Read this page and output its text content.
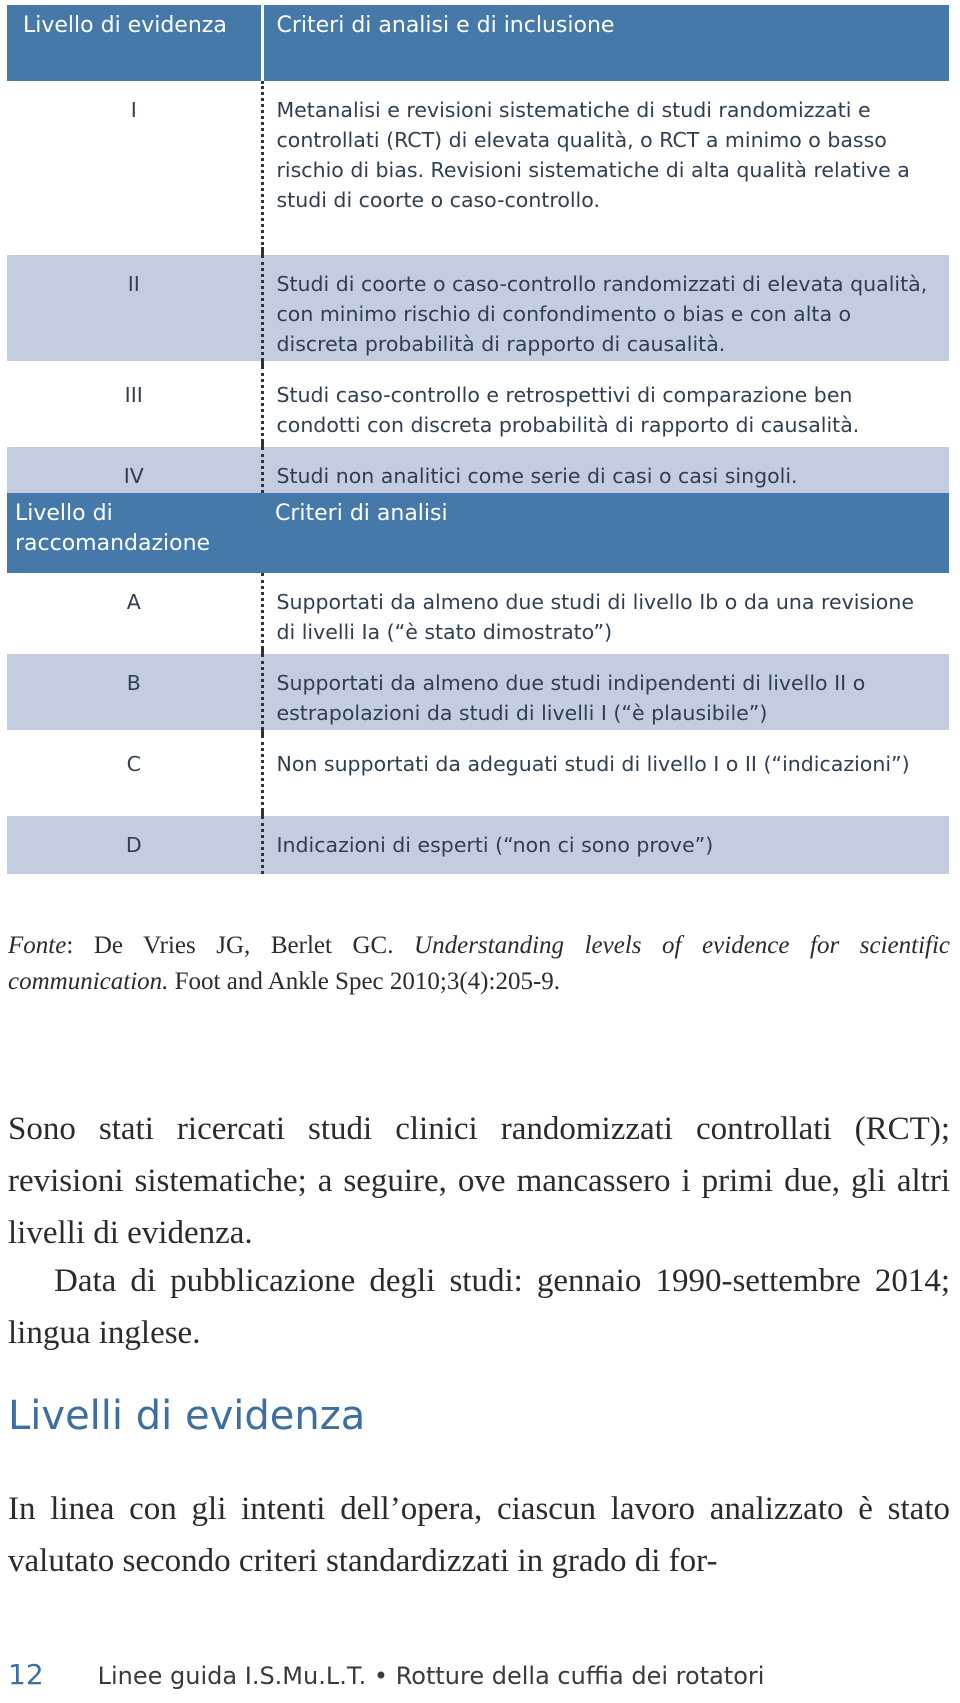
Livello di evidenza	Criteri di analisi e di inclusione
I	Metanalisi e revisioni sistematiche di studi randomizzati e controllati (RCT) di elevata qualità, o RCT a minimo o basso rischio di bias. Revisioni sistematiche di alta qualità relative a studi di coorte o caso-controllo.

II	Studi di coorte o caso-controllo randomizzati di elevata qualità, con minimo rischio di confondimento o bias e con alta o discreta probabilità di rapporto di causalità.

III	Studi caso-controllo e retrospettivi di comparazione ben condotti con discreta probabilità di rapporto di causalità.

IV	Studi non analitici come serie di casi o casi singoli.
Livello di raccomandazione	Criteri di analisi
A	Supportati da almeno due studi di livello Ib o da una revisione di livelli Ia (“è stato dimostrato”)

B	Supportati da almeno due studi indipendenti di livello II o estrapolazioni da studi di livelli I (“è plausibile”)

C	Non supportati da adeguati studi di livello I o II (“indicazioni”)

D	Indicazioni di esperti (“non ci sono prove”)
Fonte: De Vries JG, Berlet GC. Understanding levels of evidence for scientific communication. Foot and Ankle Spec 2010;3(4):205-9.

Sono stati ricercati studi clinici randomizzati controllati (RCT); revisioni sistematiche; a seguire, ove mancassero i primi due, gli altri livelli di evidenza.

Data di pubblicazione degli studi: gennaio 1990-settembre 2014; lingua inglese.

Livelli di evidenza

In linea con gli intenti dell’opera, ciascun lavoro analizzato è stato valutato secondo criteri standardizzati in grado di for-

12 Linee guida I.S.Mu.L.T. • Rotture della cuffia dei rotatori
